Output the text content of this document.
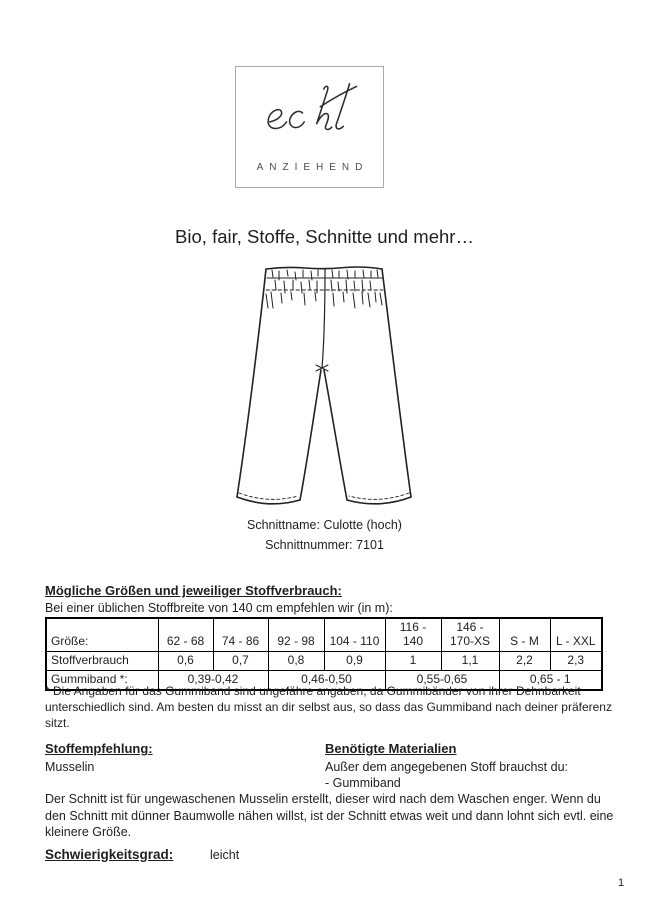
ANZIEHEND
Bio, fair, Stoffe, Schnitte und mehr…
Schnittname: Culotte (hoch)
Schnittnummer: 7101
Mögliche Größen und jeweiliger Stoffverbrauch:
Bei einer üblichen Stoffbreite von 140 cm empfehlen wir (in m):
Größe:	62 - 68	74 - 86	92 - 98	104 - 110	116 - 140	146 - 170-XS	S - M	L - XXL
Stoffverbrauch	0,6	0,7	0,8	0,9	1	1,1	2,2	2,3
Gummiband *:	0,39-0,42		0,46-0,50		0,55-0,65		0,65 - 1	
* Die Angaben für das Gummiband sind ungefähre angaben, da Gummibänder von ihrer Dehnbarkeit unterschiedlich sind. Am besten du misst an dir selbst aus, so dass das Gummiband nach deiner präferenz sitzt.
Stoffempfehlung:
Musselin
Benötigte Materialien
Außer dem angegebenen Stoff brauchst du:
- Gummiband
Der Schnitt ist für ungewaschenen Musselin erstellt, dieser wird nach dem Waschen enger. Wenn du den Schnitt mit dünner Baumwolle nähen willst, ist der Schnitt etwas weit und dann lohnt sich evtl. eine kleinere Größe.
Schwierigkeitsgrad:	leicht
1
